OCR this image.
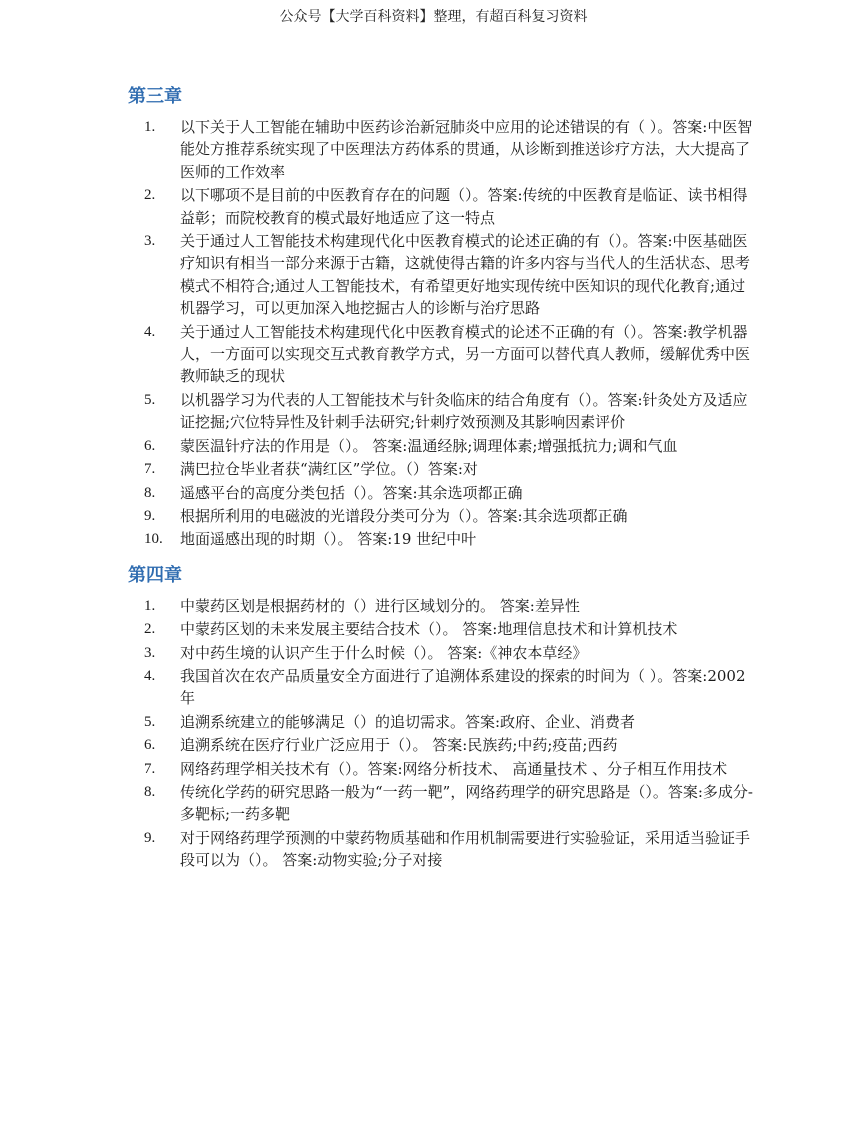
公众号【大学百科资料】整理，有超百科复习资料
第三章
1.	以下关于人工智能在辅助中医药诊治新冠肺炎中应用的论述错误的有（ ）。答案:中医智能处方推荐系统实现了中医理法方药体系的贯通，从诊断到推送诊疗方法，大大提高了医师的工作效率
2.	以下哪项不是目前的中医教育存在的问题（）。答案:传统的中医教育是临证、读书相得益彰；而院校教育的模式最好地适应了这一特点
3.	关于通过人工智能技术构建现代化中医教育模式的论述正确的有（）。答案:中医基础医疗知识有相当一部分来源于古籍，这就使得古籍的许多内容与当代人的生活状态、思考模式不相符合;通过人工智能技术，有希望更好地实现传统中医知识的现代化教育;通过机器学习，可以更加深入地挖掘古人的诊断与治疗思路
4.	关于通过人工智能技术构建现代化中医教育模式的论述不正确的有（）。答案:教学机器人，一方面可以实现交互式教育教学方式，另一方面可以替代真人教师，缓解优秀中医教师缺乏的现状
5.	以机器学习为代表的人工智能技术与针灸临床的结合角度有（）。答案:针灸处方及适应证挖掘;穴位特异性及针刺手法研究;针刺疗效预测及其影响因素评价
6.	蒙医温针疗法的作用是（）。 答案:温通经脉;调理体素;增强抵抗力;调和气血
7.	满巴拉仓毕业者获“满红区”学位。（）答案:对
8.	遥感平台的高度分类包括（）。答案:其余选项都正确
9.	根据所利用的电磁波的光谱段分类可分为（）。答案:其余选项都正确
10.	地面遥感出现的时期（）。 答案:19 世纪中叶
第四章
1.	中蒙药区划是根据药材的（）进行区域划分的。 答案:差异性
2.	中蒙药区划的未来发展主要结合技术（）。 答案:地理信息技术和计算机技术
3.	对中药生境的认识产生于什么时候（）。 答案:《神农本草经》
4.	我国首次在农产品质量安全方面进行了追溯体系建设的探索的时间为（ ）。答案:2002 年
5.	追溯系统建立的能够满足（）的追切需求。答案:政府、企业、消费者
6.	追溯系统在医疗行业广泛应用于（）。 答案:民族药;中药;疫苗;西药
7.	网络药理学相关技术有（）。答案:网络分析技术、 高通量技术 、分子相互作用技术
8.	传统化学药的研究思路一般为“一药一靶”，网络药理学的研究思路是（）。答案:多成分-多靶标;一药多靶
9.	对于网络药理学预测的中蒙药物质基础和作用机制需要进行实验验证，采用适当验证手段可以为（）。 答案:动物实验;分子对接
